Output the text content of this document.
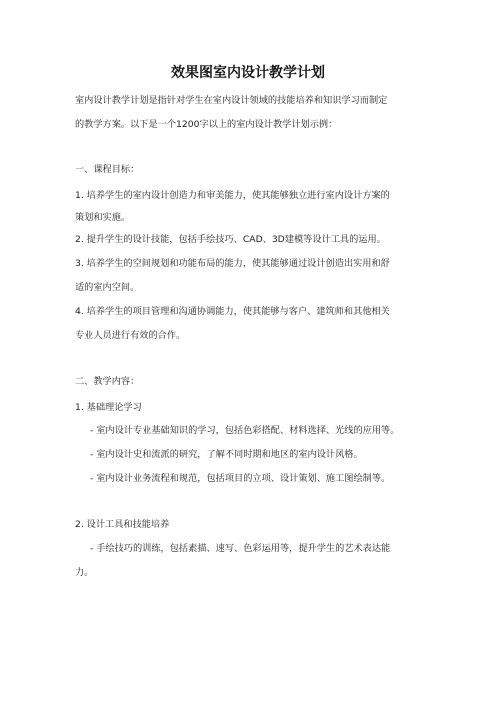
效果图室内设计教学计划
室内设计教学计划是指针对学生在室内设计领域的技能培养和知识学习而制定
的教学方案。以下是一个1200字以上的室内设计教学计划示例：
一、课程目标：
1. 培养学生的室内设计创造力和审美能力，使其能够独立进行室内设计方案的
策划和实施。
2. 提升学生的设计技能，包括手绘技巧、CAD、3D建模等设计工具的运用。
3. 培养学生的空间规划和功能布局的能力，使其能够通过设计创造出实用和舒
适的室内空间。
4. 培养学生的项目管理和沟通协调能力，使其能够与客户、建筑师和其他相关
专业人员进行有效的合作。
二、教学内容：
1. 基础理论学习
- 室内设计专业基础知识的学习，包括色彩搭配、材料选择、光线的应用等。
- 室内设计史和流派的研究，了解不同时期和地区的室内设计风格。
- 室内设计业务流程和规范，包括项目的立项、设计策划、施工图绘制等。
2. 设计工具和技能培养
- 手绘技巧的训练，包括素描、速写、色彩运用等，提升学生的艺术表达能
力。
